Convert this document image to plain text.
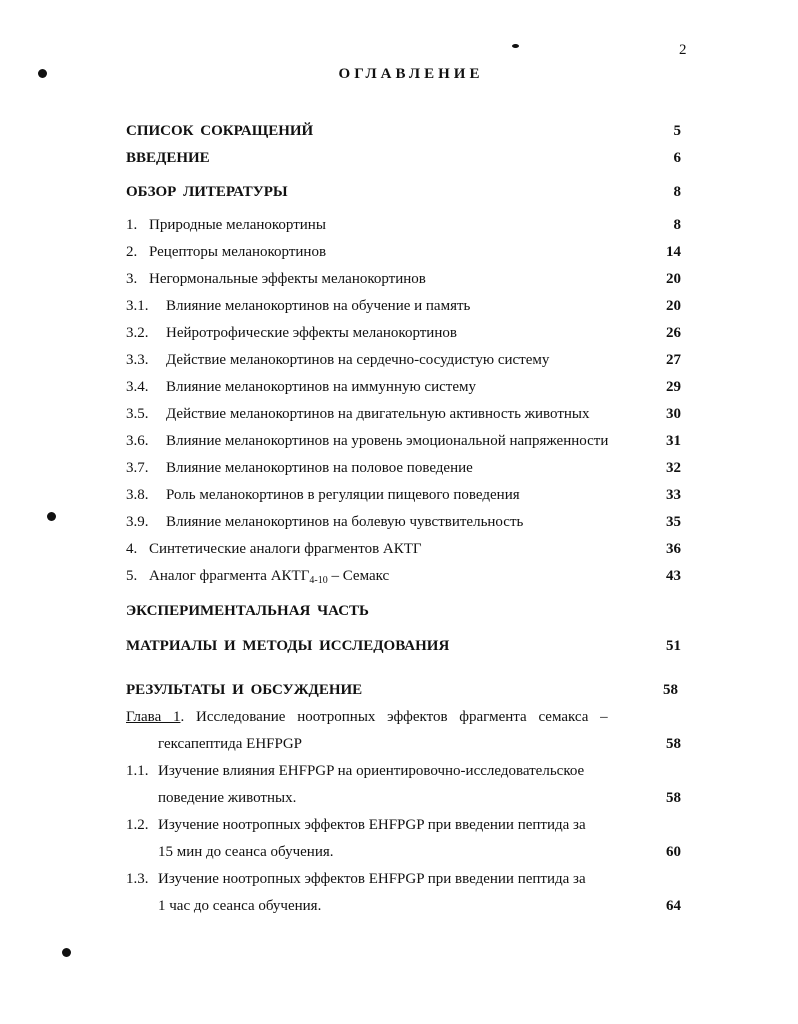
2
ОГЛАВЛЕНИЕ
СПИСОК СОКРАЩЕНИЙ	5
ВВЕДЕНИЕ	6
ОБЗОР ЛИТЕРАТУРЫ	8
1. Природные меланокортины	8
2. Рецепторы меланокортинов	14
3. Негормональные эффекты меланокортинов	20
3.1. Влияние меланокортинов на обучение и память	20
3.2. Нейротрофические эффекты меланокортинов	26
3.3. Действие меланокортинов на сердечно-сосудистую систему	27
3.4. Влияние меланокортинов на иммунную систему	29
3.5. Действие меланокортинов на двигательную активность животных	30
3.6. Влияние меланокортинов на уровень эмоциональной напряженности	31
3.7. Влияние меланокортинов на половое поведение	32
3.8. Роль меланокортинов в регуляции пищевого поведения	33
3.9. Влияние меланокортинов на болевую чувствительность	35
4. Синтетические аналоги фрагментов АКТГ	36
5. Аналог фрагмента $АКТГ_{4-10}$ – Семакс	43
ЭКСПЕРИМЕНТАЛЬНАЯ ЧАСТЬ
МАТРИАЛЫ И МЕТОДЫ ИССЛЕДОВАНИЯ	51
РЕЗУЛЬТАТЫ И ОБСУЖДЕНИЕ	58
Глава 1. Исследование ноотропных эффектов фрагмента семакса –
гексапептида EHFPGP	58
1.1. Изучение влияния EHFPGP на ориентировочно-исследовательское
поведение животных.	58
1.2. Изучение ноотропных эффектов EHFPGP при введении пептида за
15 мин до сеанса обучения.	60
1.3. Изучение ноотропных эффектов EHFPGP при введении пептида за
1 час до сеанса обучения.	64
